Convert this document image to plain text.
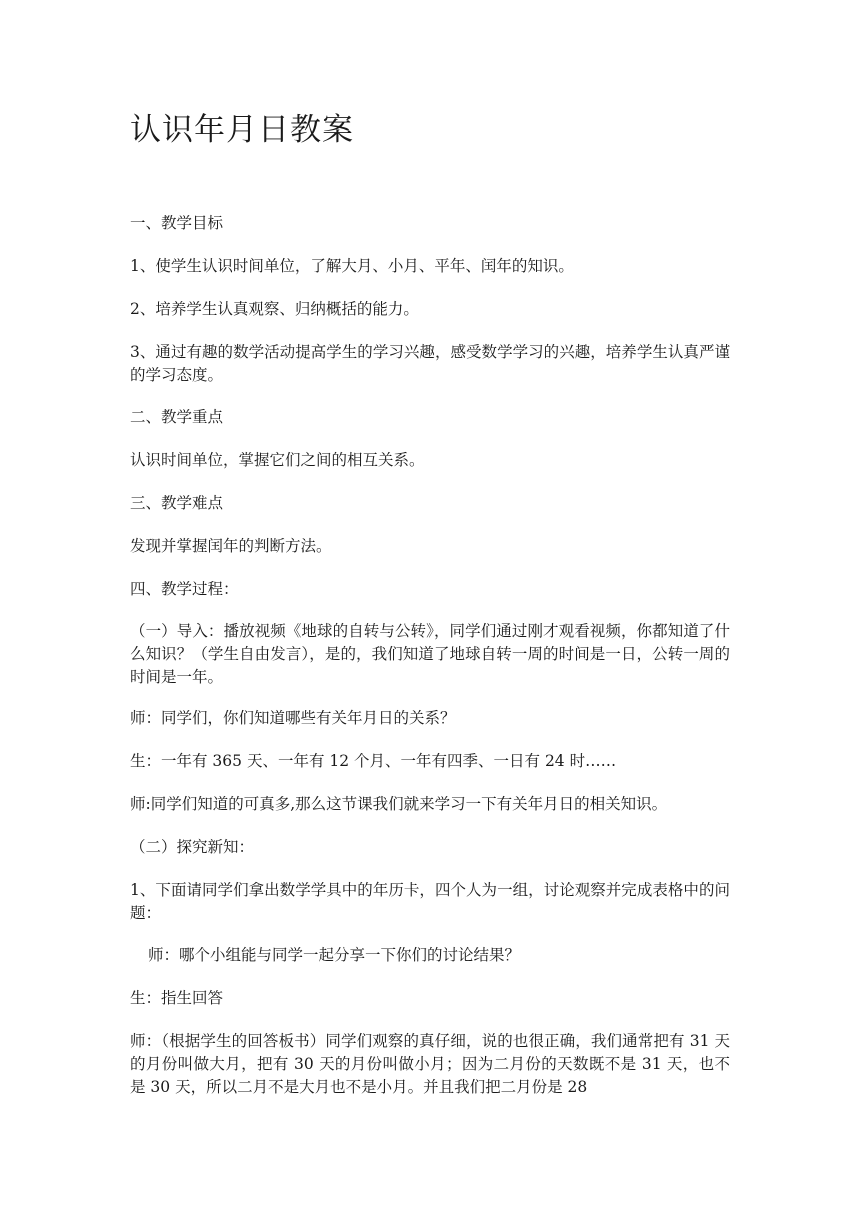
认识年月日教案

一、教学目标

1、使学生认识时间单位，了解大月、小月、平年、闰年的知识。

2、培养学生认真观察、归纳概括的能力。

3、通过有趣的数学活动提高学生的学习兴趣，感受数学学习的兴趣，培养学生认真严谨的学习态度。

二、教学重点

认识时间单位，掌握它们之间的相互关系。

三、教学难点

发现并掌握闰年的判断方法。

四、教学过程：

（一）导入：播放视频《地球的自转与公转》，同学们通过刚才观看视频，你都知道了什么知识？（学生自由发言），是的，我们知道了地球自转一周的时间是一日，公转一周的时间是一年。

师：同学们，你们知道哪些有关年月日的关系？

生：一年有 365 天、一年有 12 个月、一年有四季、一日有 24 时……

师:同学们知道的可真多,那么这节课我们就来学习一下有关年月日的相关知识。

（二）探究新知：

1、下面请同学们拿出数学学具中的年历卡，四个人为一组，讨论观察并完成表格中的问题：

师：哪个小组能与同学一起分享一下你们的讨论结果？

生：指生回答

师：（根据学生的回答板书）同学们观察的真仔细，说的也很正确，我们通常把有 31 天的月份叫做大月，把有 30 天的月份叫做小月；因为二月份的天数既不是 31 天，也不是 30 天，所以二月不是大月也不是小月。并且我们把二月份是 28
